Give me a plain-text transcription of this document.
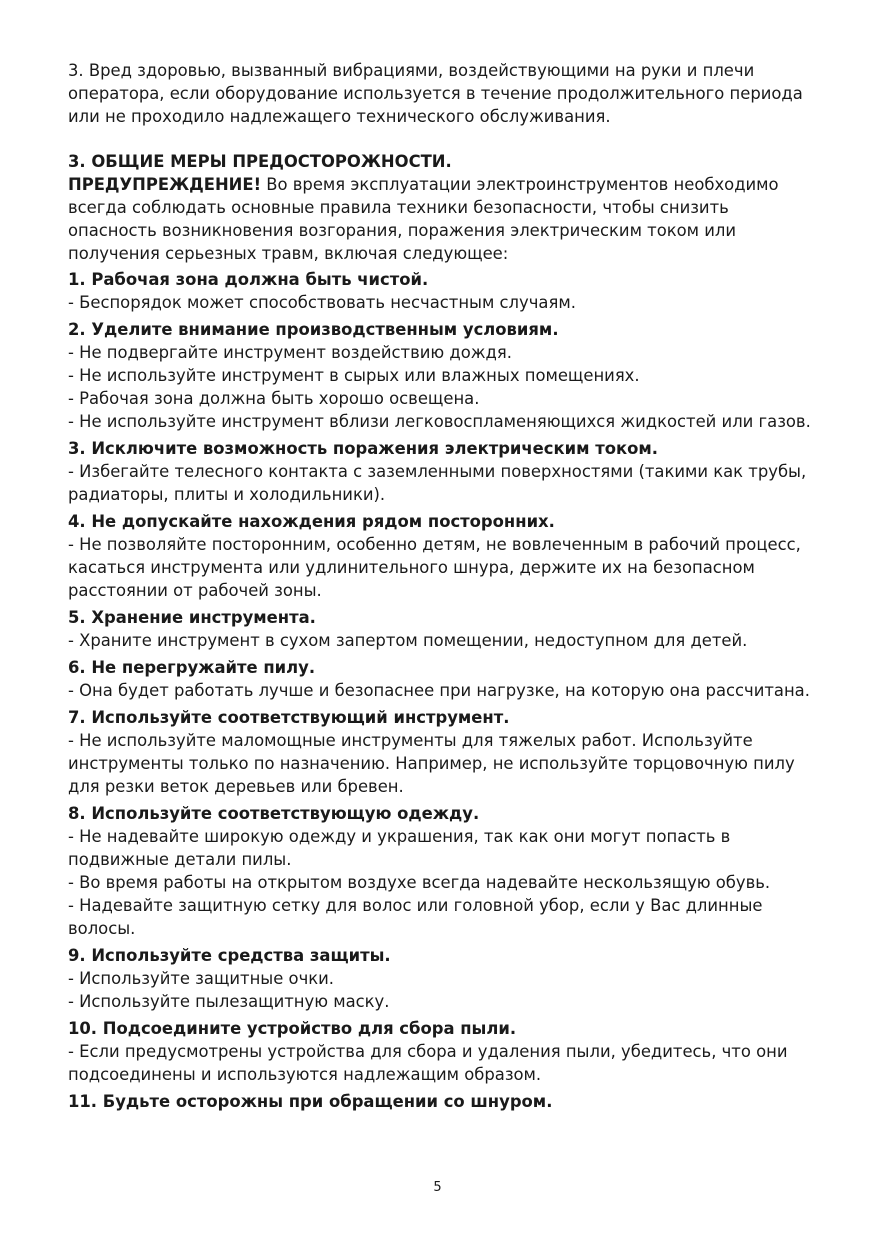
3. Вред здоровью, вызванный вибрациями, воздействующими на руки и плечи оператора, если оборудование используется в течение продолжительного периода или не проходило надлежащего технического обслуживания.

3. ОБЩИЕ МЕРЫ ПРЕДОСТОРОЖНОСТИ.

ПРЕДУПРЕЖДЕНИЕ! Во время эксплуатации электроинструментов необходимо всегда соблюдать основные правила техники безопасности, чтобы снизить опасность возникновения возгорания, поражения электрическим током или получения серьезных травм, включая следующее:

1. Рабочая зона должна быть чистой.

- Беспорядок может способствовать несчастным случаям.

2. Уделите внимание производственным условиям.

- Не подвергайте инструмент воздействию дождя.

- Не используйте инструмент в сырых или влажных помещениях.

- Рабочая зона должна быть хорошо освещена.

- Не используйте инструмент вблизи легковоспламеняющихся жидкостей или газов.

3. Исключите возможность поражения электрическим током.

- Избегайте телесного контакта с заземленными поверхностями (такими как трубы, радиаторы, плиты и холодильники).

4. Не допускайте нахождения рядом посторонних.

- Не позволяйте посторонним, особенно детям, не вовлеченным в рабочий процесс, касаться инструмента или удлинительного шнура, держите их на безопасном расстоянии от рабочей зоны.

5. Хранение инструмента.

- Храните инструмент в сухом запертом помещении, недоступном для детей.

6. Не перегружайте пилу.

- Она будет работать лучше и безопаснее при нагрузке, на которую она рассчитана.

7. Используйте соответствующий инструмент.

- Не используйте маломощные инструменты для тяжелых работ. Используйте инструменты только по назначению. Например, не используйте торцовочную пилу для резки веток деревьев или бревен.

8. Используйте соответствующую одежду.

- Не надевайте широкую одежду и украшения, так как они могут попасть в подвижные детали пилы.

- Во время работы на открытом воздухе всегда надевайте нескользящую обувь.

- Надевайте защитную сетку для волос или головной убор, если у Вас длинные волосы.

9. Используйте средства защиты.

- Используйте защитные очки.

- Используйте пылезащитную маску.

10. Подсоедините устройство для сбора пыли.

- Если предусмотрены устройства для сбора и удаления пыли, убедитесь, что они подсоединены и используются надлежащим образом.

11. Будьте осторожны при обращении со шнуром.

5
